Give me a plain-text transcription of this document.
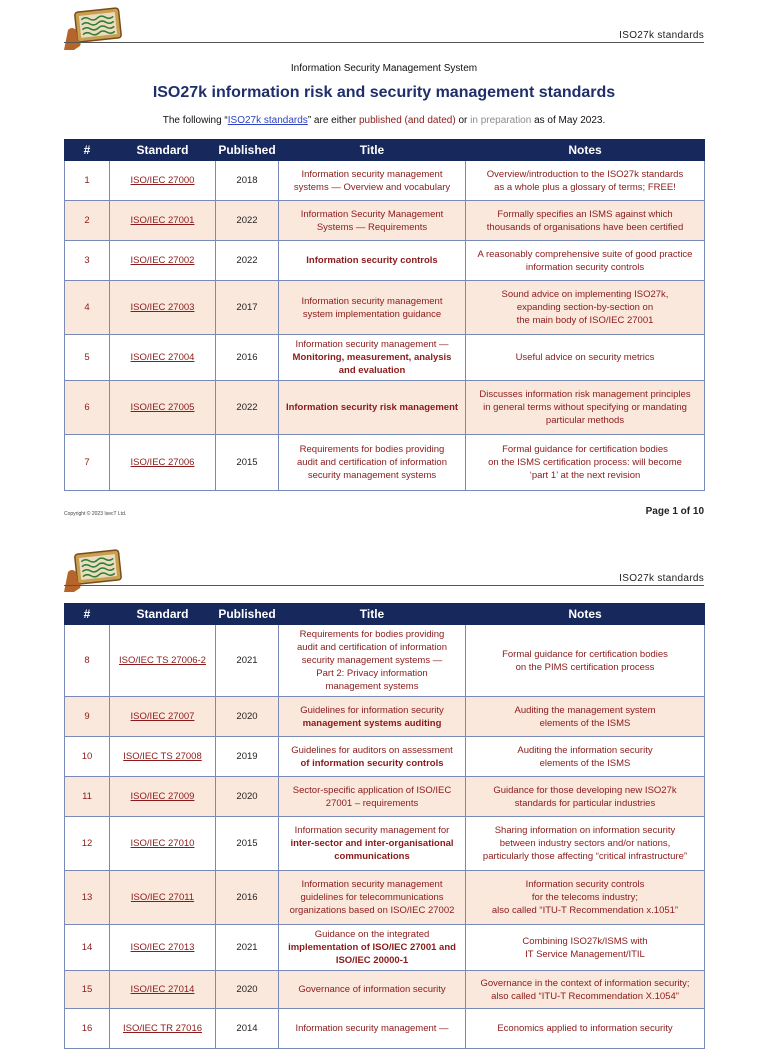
ISO27k standards
Information Security Management System
ISO27k information risk and security management standards
The following “ISO27k standards” are either published (and dated) or in preparation as of May 2023.
#	Standard	Published	Title	Notes
1	ISO/IEC 27000	2018	Information security management
systems — Overview and vocabulary	Overview/introduction to the ISO27k standards
as a whole plus a glossary of terms; FREE!

2	ISO/IEC 27001	2022	Information Security Management
Systems — Requirements	Formally specifies an ISMS against which
thousands of organisations have been certified

3	ISO/IEC 27002	2022	Information security controls	A reasonably comprehensive suite of good practice
information security controls

4	ISO/IEC 27003	2017	Information security management
system implementation guidance	Sound advice on implementing ISO27k,
expanding section-by-section on
the main body of ISO/IEC 27001

5	ISO/IEC 27004	2016	Information security management —
Monitoring, measurement, analysis
and evaluation	Useful advice on security metrics

6	ISO/IEC 27005	2022	Information security risk management	Discusses information risk management principles
in general terms without specifying or mandating
particular methods

7	ISO/IEC 27006	2015	Requirements for bodies providing
audit and certification of information
security management systems	Formal guidance for certification bodies
on the ISMS certification process: will become
‘part 1’ at the next revision
Copyright © 2023 IsecT Ltd.	Page 1 of 10
ISO27k standards
#	Standard	Published	Title	Notes
8	ISO/IEC TS 27006-2	2021	Requirements for bodies providing
audit and certification of information
security management systems —
Part 2: Privacy information
management systems	Formal guidance for certification bodies
on the PIMS certification process

9	ISO/IEC 27007	2020	Guidelines for information security
management systems auditing	Auditing the management system
elements of the ISMS

10	ISO/IEC TS 27008	2019	Guidelines for auditors on assessment
of information security controls	Auditing the information security
elements of the ISMS

11	ISO/IEC 27009	2020	Sector-specific application of ISO/IEC
27001 – requirements	Guidance for those developing new ISO27k
standards for particular industries

12	ISO/IEC 27010	2015	Information security management for
inter-sector and inter-organisational
communications	Sharing information on information security
between industry sectors and/or nations,
particularly those affecting “critical infrastructure”

13	ISO/IEC 27011	2016	Information security management
guidelines for telecommunications
organizations based on ISO/IEC 27002	Information security controls
for the telecoms industry;
also called “ITU-T Recommendation x.1051”

14	ISO/IEC 27013	2021	Guidance on the integrated
implementation of ISO/IEC 27001 and
ISO/IEC 20000-1	Combining ISO27k/ISMS with
IT Service Management/ITIL

15	ISO/IEC 27014	2020	Governance of information security	Governance in the context of information security;
also called “ITU-T Recommendation X.1054”

16	ISO/IEC TR 27016	2014	Information security management —	Economics applied to information security
